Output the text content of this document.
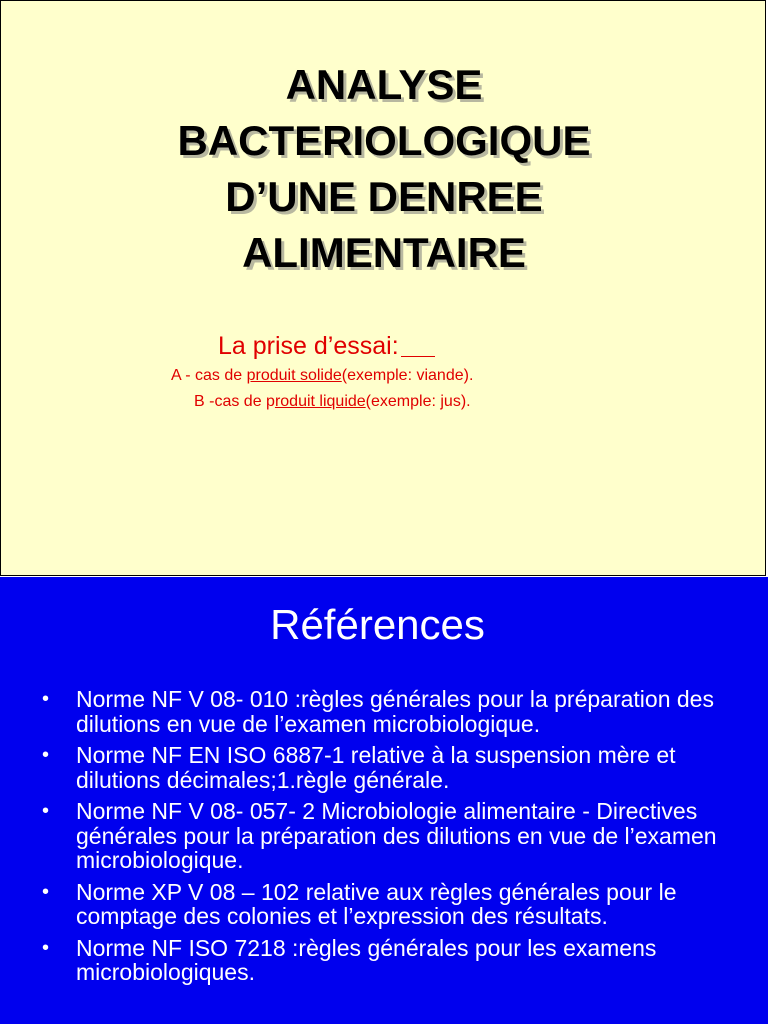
ANALYSE
BACTERIOLOGIQUE
D’UNE DENREE
ALIMENTAIRE

La prise d’essai:

A - cas de produit solide(exemple: viande).

B -cas de produit liquide(exemple: jus).

Références
• Norme NF V 08- 010 :règles générales pour la préparation des dilutions en vue de l’examen microbiologique.
• Norme NF EN ISO 6887-1 relative à la suspension mère et dilutions décimales;1.règle générale.
• Norme NF V 08- 057- 2 Microbiologie alimentaire - Directives générales pour la préparation des dilutions en vue de l’examen microbiologique.
• Norme XP V 08 – 102 relative aux règles générales pour le comptage des colonies et l’expression des résultats.
• Norme NF ISO 7218 :règles générales pour les examens microbiologiques.
